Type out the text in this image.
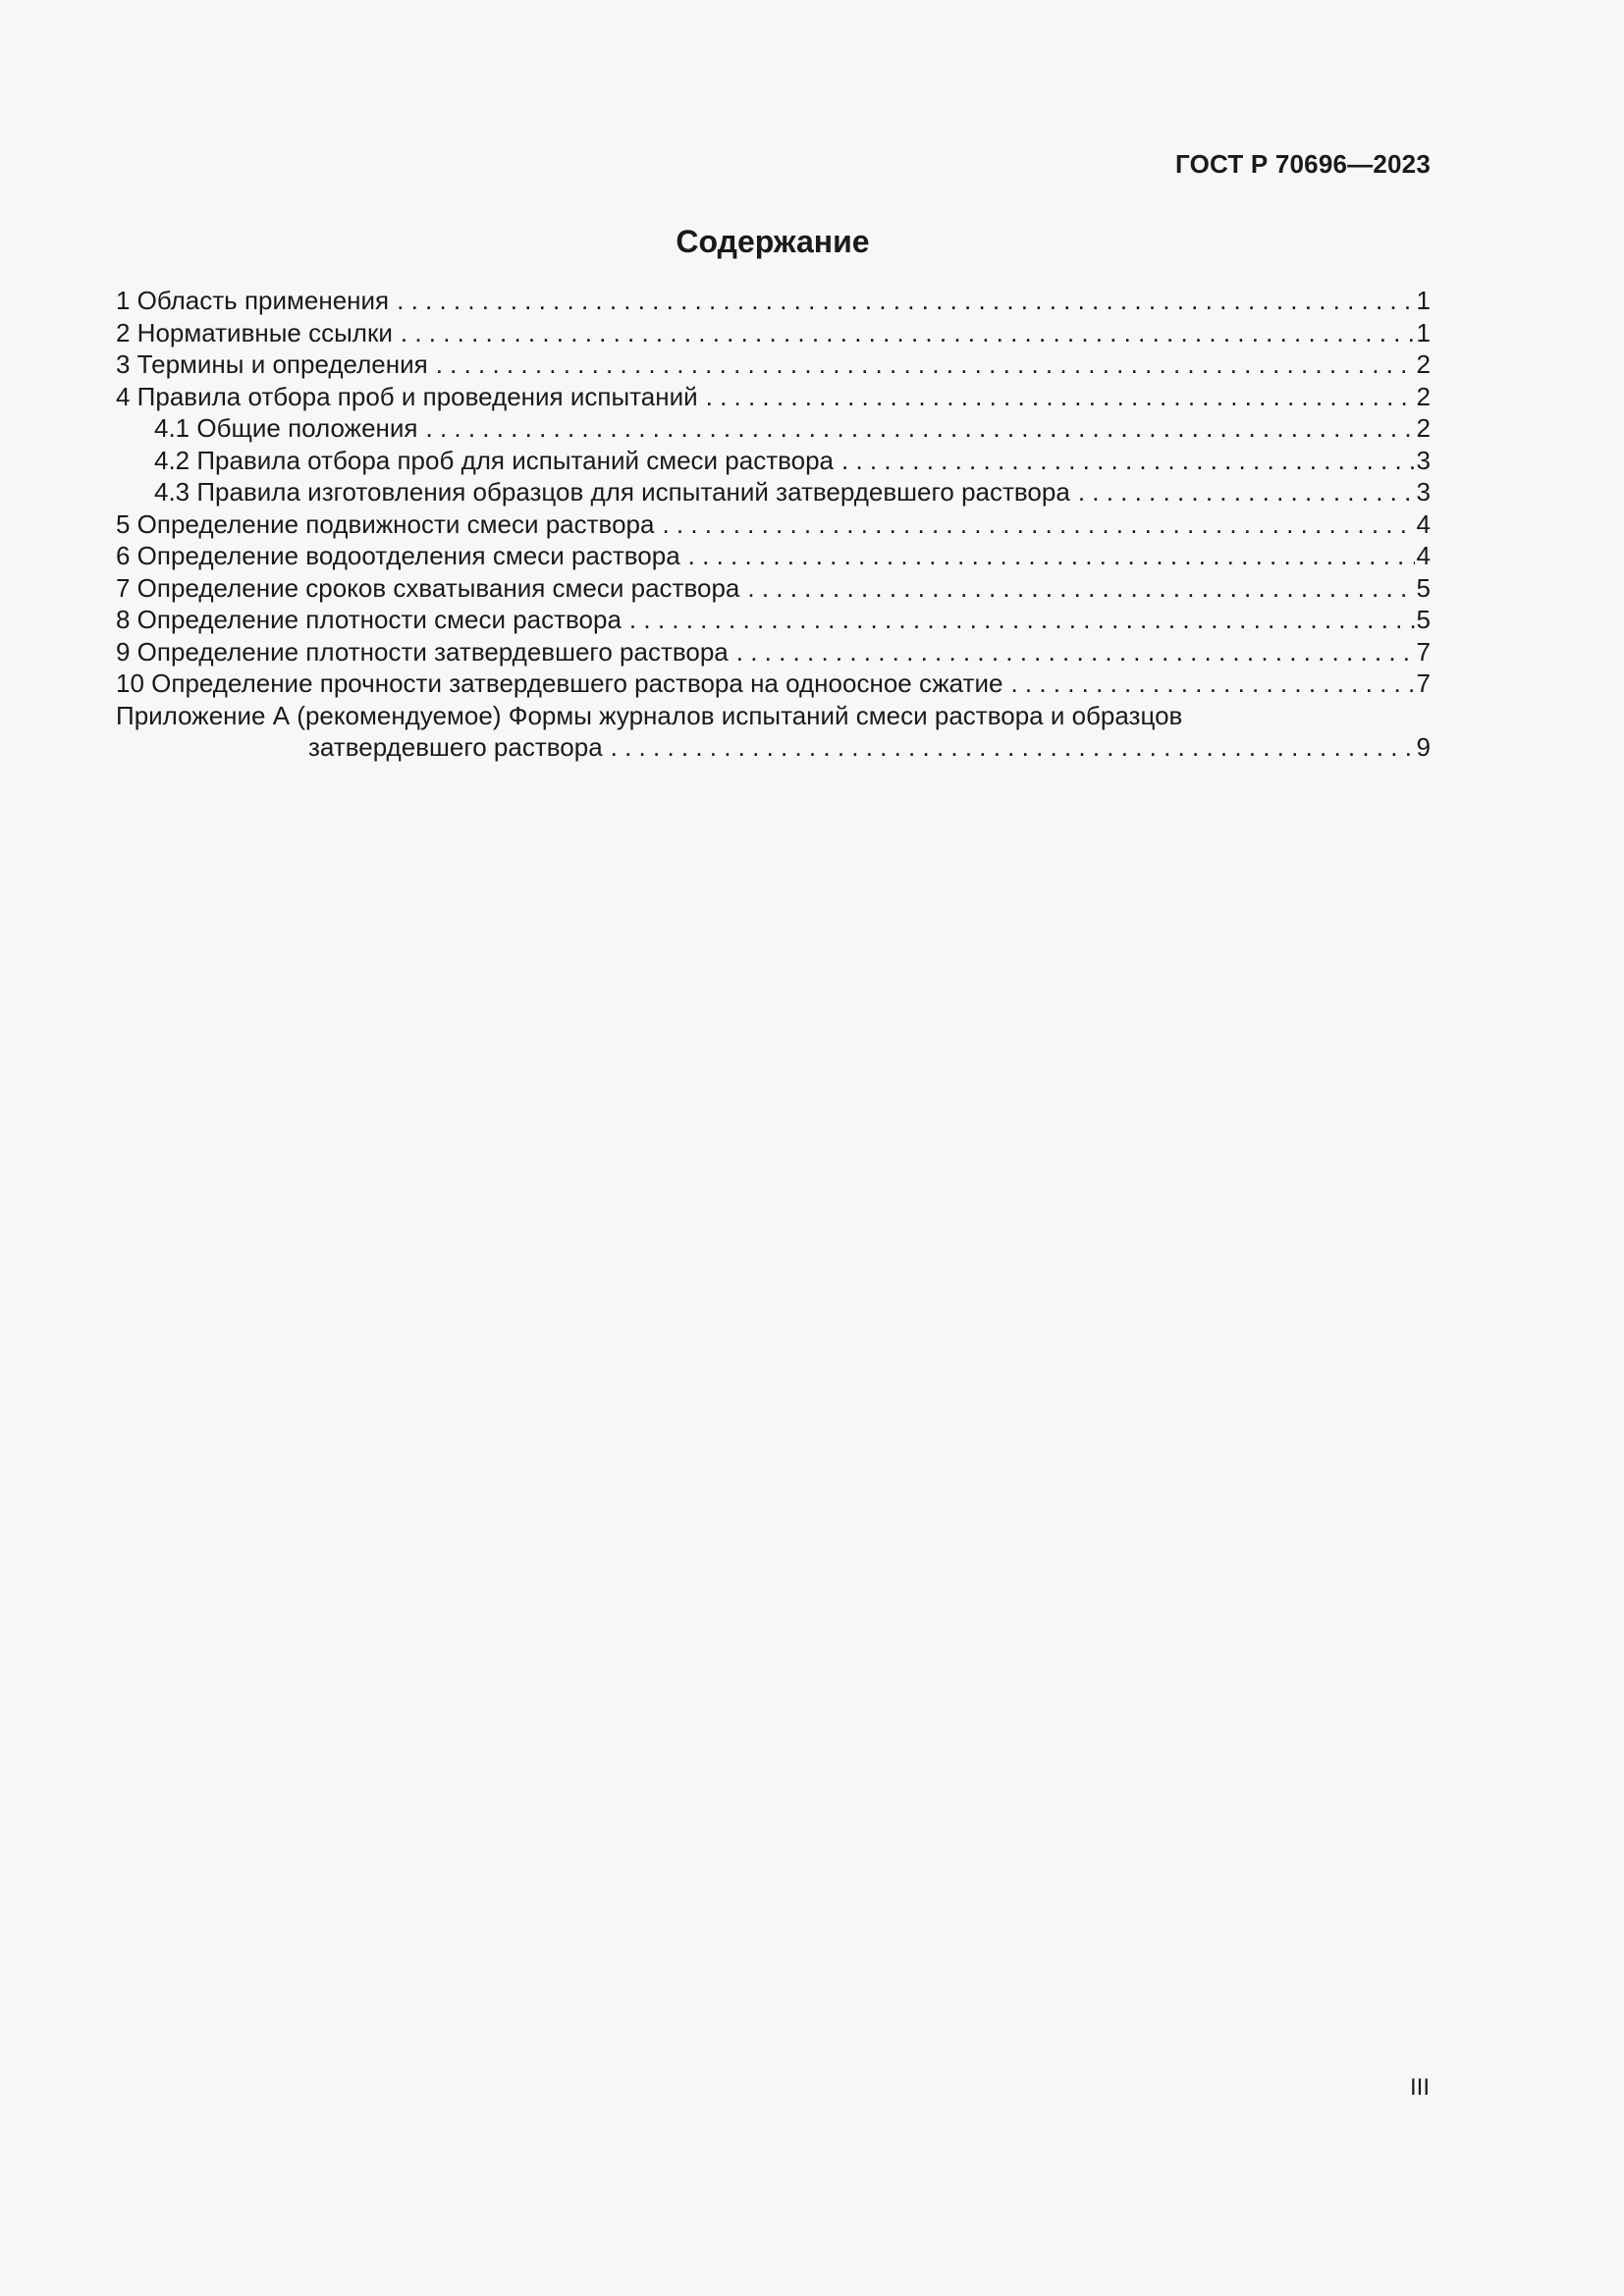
ГОСТ Р 70696—2023
Содержание
1 Область применения . . .	1
2 Нормативные ссылки . . .	1
3 Термины и определения . . .	2
4 Правила отбора проб и проведения испытаний . . .	2
4.1 Общие положения . . .	2
4.2 Правила отбора проб для испытаний смеси раствора . . .	3
4.3 Правила изготовления образцов для испытаний затвердевшего раствора . . .	3
5 Определение подвижности смеси раствора . . .	4
6 Определение водоотделения смеси раствора . . .	4
7 Определение сроков схватывания смеси раствора . . .	5
8 Определение плотности смеси раствора . . .	5
9 Определение плотности затвердевшего раствора . . .	7
10 Определение прочности затвердевшего раствора на одноосное сжатие . . .	7
Приложение А (рекомендуемое) Формы журналов испытаний смеси раствора и образцов
затвердевшего раствора . . .	9
III
